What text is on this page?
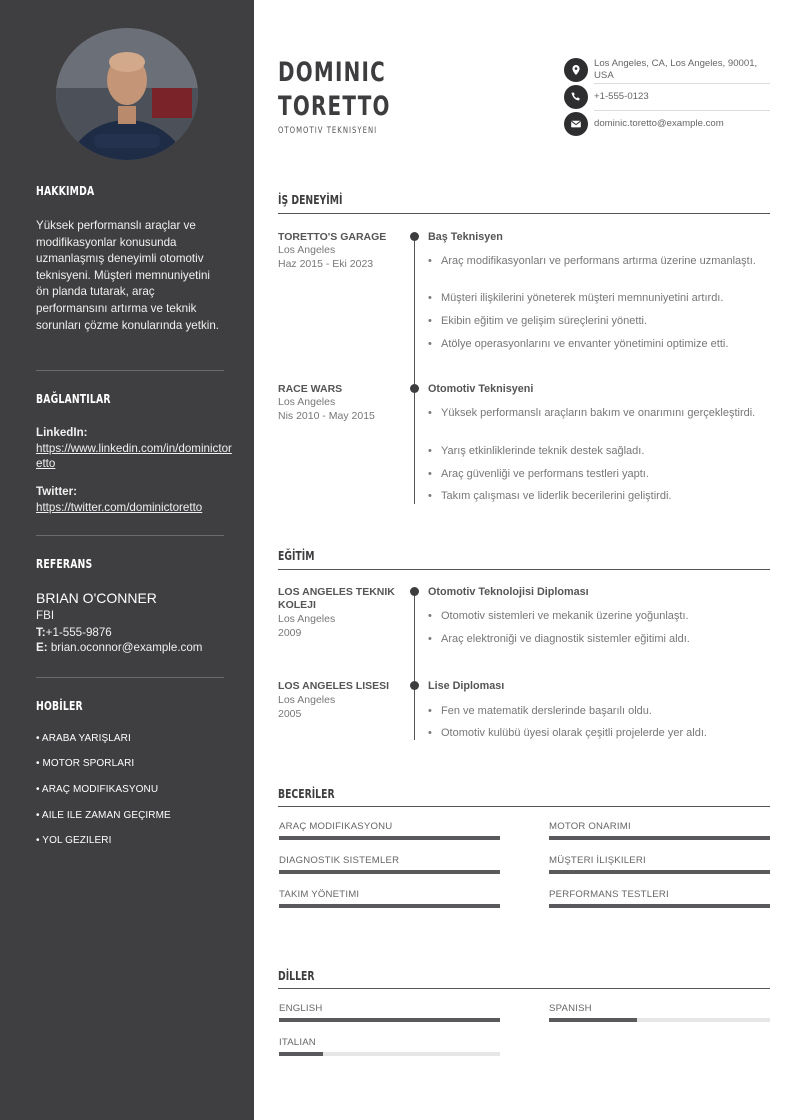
HAKKIMDA

Yüksek performanslı araçlar ve modifikasyonlar konusunda uzmanlaşmış deneyimli otomotiv teknisyeni. Müşteri memnuniyetini ön planda tutarak, araç performansını artırma ve teknik sorunları çözme konularında yetkin.

BAĞLANTILAR
LinkedIn:
https://www.linkedin.com/in/dominictoretto
Twitter:
https://twitter.com/dominictoretto
REFERANS
BRIAN O'CONNER
FBI
T:+1-555-9876
E: brian.oconnor@example.com
HOBİLER
• ARABA YARIŞLARI
• MOTOR SPORLARI
• ARAÇ MODIFIKASYONU
• AILE ILE ZAMAN GEÇIRME
• YOL GEZILERI
DOMINIC
TORETTO
OTOMOTIV TEKNISYENI
Los Angeles, CA, Los Angeles, 90001, USA
+1-555-0123
dominic.toretto@example.com
İŞ DENEYİMİ
TORETTO'S GARAGE
Los Angeles
Haz 2015 - Eki 2023
Baş Teknisyen
• Araç modifikasyonları ve performans artırma üzerine uzmanlaştı.
• Müşteri ilişkilerini yöneterek müşteri memnuniyetini artırdı.
• Ekibin eğitim ve gelişim süreçlerini yönetti.
• Atölye operasyonlarını ve envanter yönetimini optimize etti.
RACE WARS
Los Angeles
Nis 2010 - May 2015
Otomotiv Teknisyeni
• Yüksek performanslı araçların bakım ve onarımını gerçekleştirdi.
• Yarış etkinliklerinde teknik destek sağladı.
• Araç güvenliği ve performans testleri yaptı.
• Takım çalışması ve liderlik becerilerini geliştirdi.
EĞİTİM
LOS ANGELES TEKNIK KOLEJI
Los Angeles
2009
Otomotiv Teknolojisi Diploması
• Otomotiv sistemleri ve mekanik üzerine yoğunlaştı.
• Araç elektroniği ve diagnostik sistemler eğitimi aldı.
LOS ANGELES LISESI
Los Angeles
2005
Lise Diploması
• Fen ve matematik derslerinde başarılı oldu.
• Otomotiv kulübü üyesi olarak çeşitli projelerde yer aldı.
BECERİLER
ARAÇ MODIFIKASYONU	MOTOR ONARIMI
DIAGNOSTIK SISTEMLER	MÜŞTERI İLIŞKILERI
TAKIM YÖNETIMI	PERFORMANS TESTLERI
DİLLER
ENGLISH	SPANISH
ITALIAN
